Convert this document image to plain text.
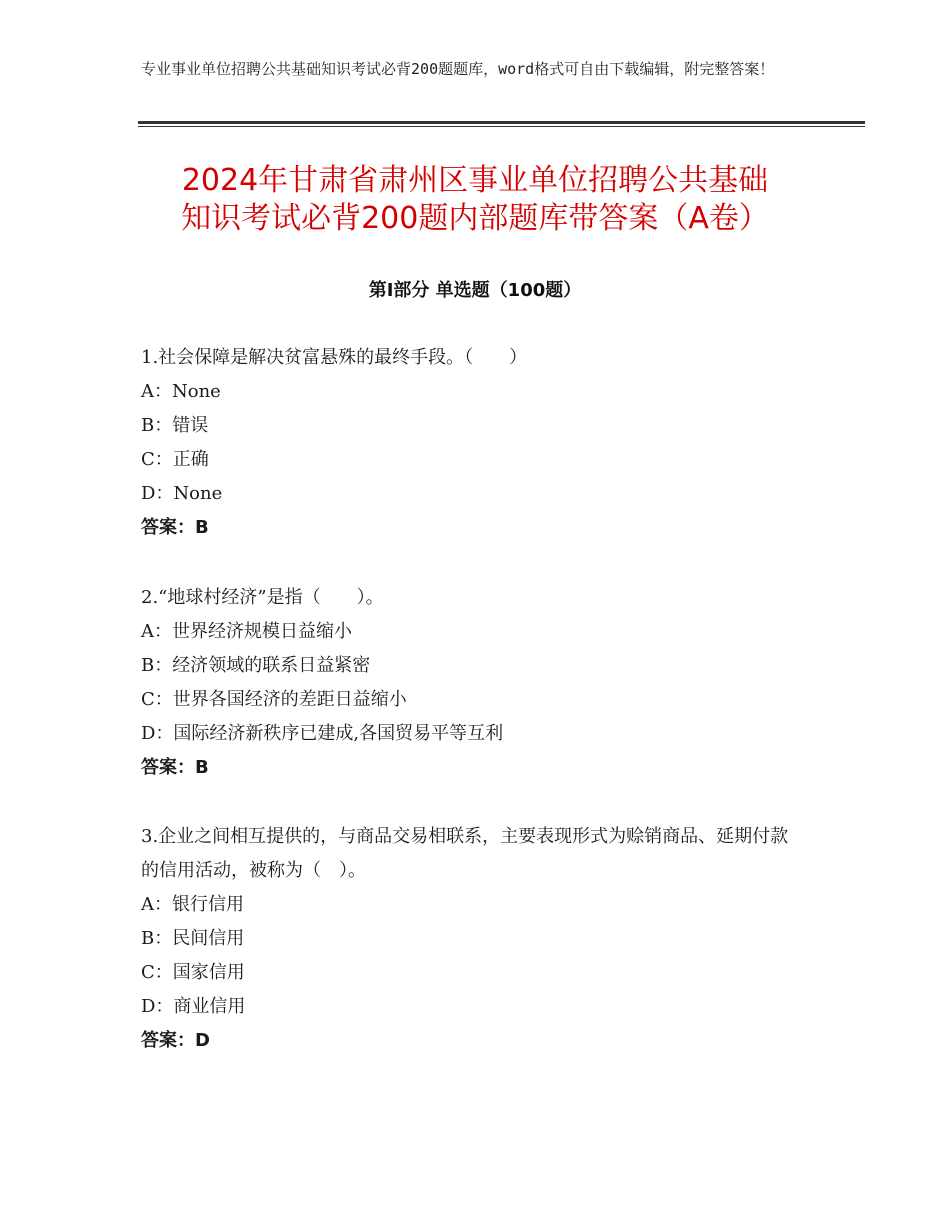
专业事业单位招聘公共基础知识考试必背200题题库，word格式可自由下载编辑，附完整答案！
2024年甘肃省肃州区事业单位招聘公共基础
知识考试必背200题内部题库带答案（A卷）
第Ⅰ部分 单选题（100题）

1.社会保障是解决贫富悬殊的最终手段。（　　）

A：None

B：错误

C：正确

D：None

答案：B

2.“地球村经济”是指（　　）。

A：世界经济规模日益缩小

B：经济领域的联系日益紧密

C：世界各国经济的差距日益缩小

D：国际经济新秩序已建成,各国贸易平等互利

答案：B

3.企业之间相互提供的，与商品交易相联系，主要表现形式为赊销商品、延期付款的信用活动，被称为（　）。

A：银行信用

B：民间信用

C：国家信用

D：商业信用

答案：D
